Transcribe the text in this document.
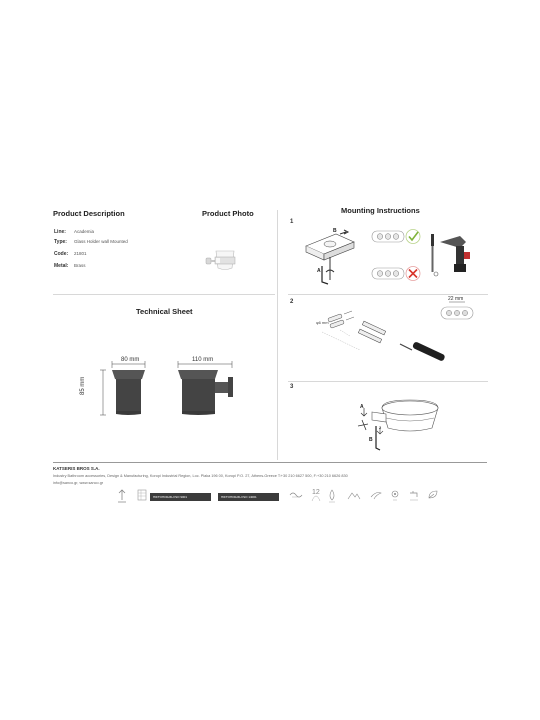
Product Description
Line: Academia
Type: Glass Holder wall Mounted
Code: 21801
Metal: Brass
Product Photo
Technical Sheet
80 mm	110 mm
85 mm
Mounting Instructions
1
2
3
B
A
22 mm
φ6 mm
A
2
B
KATSERIS BROS S.A.
Industry Bathroom accessories, Design & Manufacturing, Koropi Industrial Region, Loc. Plaka 196 00, Koropi P.O. 27, Athens-Greece T:+30 210 6627 500, F:+30 210 6626 830
info@sanco.gr, www.sanco.gr
ΠΙΣΤΟΠΟΙΗΣΗ ISO 9001	ΠΙΣΤΟΠΟΙΗΣΗ ISO 14001
12
